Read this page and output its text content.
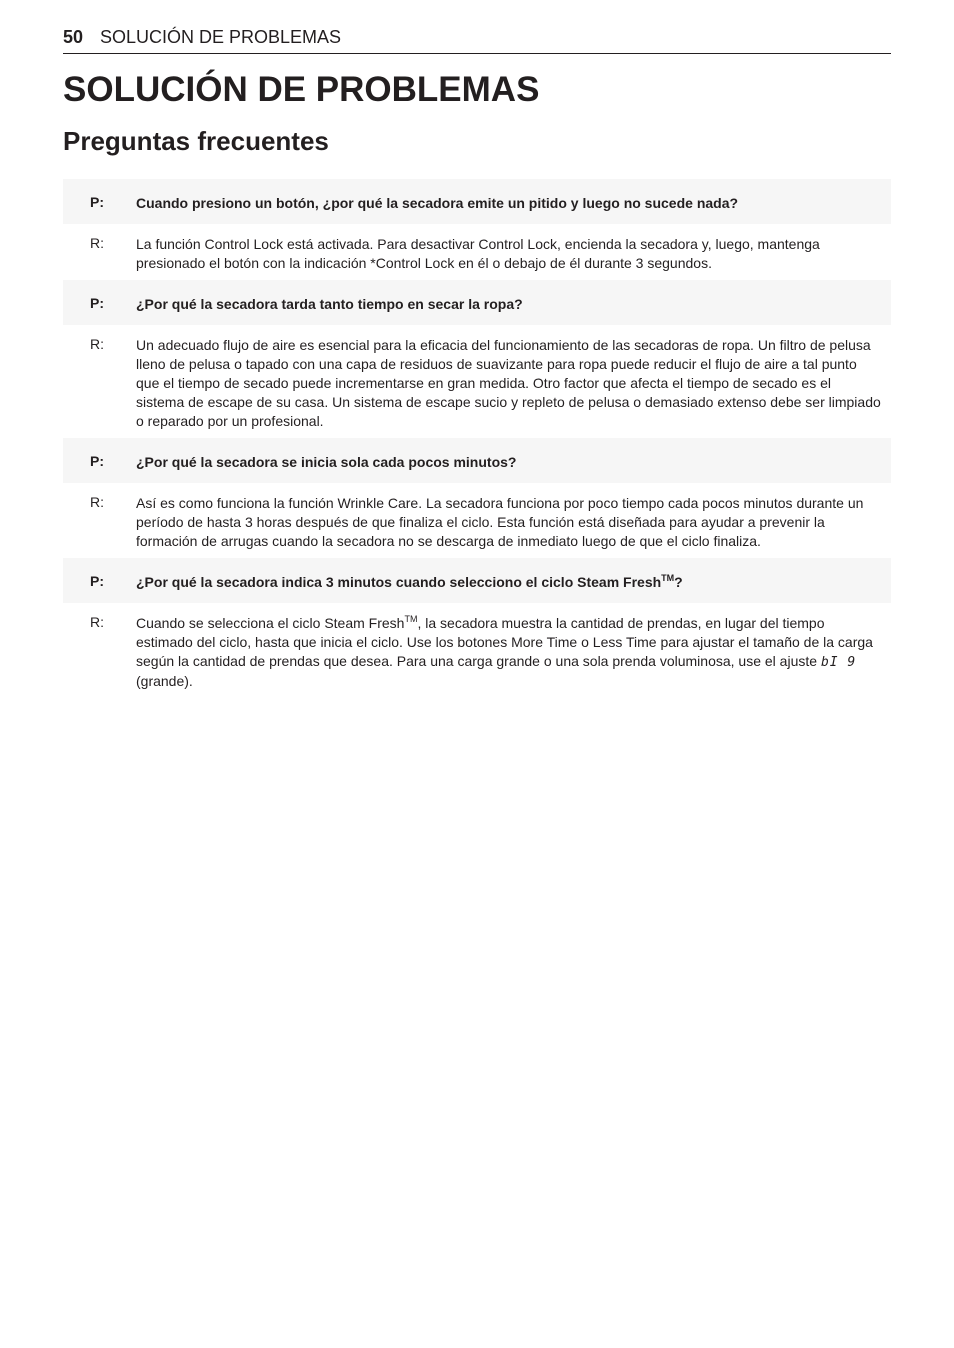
50 SOLUCIÓN DE PROBLEMAS
SOLUCIÓN DE PROBLEMAS
Preguntas frecuentes
P: Cuando presiono un botón, ¿por qué la secadora emite un pitido y luego no sucede nada?
R: La función Control Lock está activada. Para desactivar Control Lock, encienda la secadora y, luego, mantenga presionado el botón con la indicación *Control Lock en él o debajo de él durante 3 segundos.
P: ¿Por qué la secadora tarda tanto tiempo en secar la ropa?
R: Un adecuado flujo de aire es esencial para la eficacia del funcionamiento de las secadoras de ropa. Un filtro de pelusa lleno de pelusa o tapado con una capa de residuos de suavizante para ropa puede reducir el flujo de aire a tal punto que el tiempo de secado puede incrementarse en gran medida. Otro factor que afecta el tiempo de secado es el sistema de escape de su casa. Un sistema de escape sucio y repleto de pelusa o demasiado extenso debe ser limpiado o reparado por un profesional.
P: ¿Por qué la secadora se inicia sola cada pocos minutos?
R: Así es como funciona la función Wrinkle Care. La secadora funciona por poco tiempo cada pocos minutos durante un período de hasta 3 horas después de que finaliza el ciclo. Esta función está diseñada para ayudar a prevenir la formación de arrugas cuando la secadora no se descarga de inmediato luego de que el ciclo finaliza.
P: ¿Por qué la secadora indica 3 minutos cuando selecciono el ciclo Steam Fresh™?
R: Cuando se selecciona el ciclo Steam Fresh™, la secadora muestra la cantidad de prendas, en lugar del tiempo estimado del ciclo, hasta que inicia el ciclo. Use los botones More Time o Less Time para ajustar el tamaño de la carga según la cantidad de prendas que desea. Para una carga grande o una sola prenda voluminosa, use el ajuste bI 9 (grande).
